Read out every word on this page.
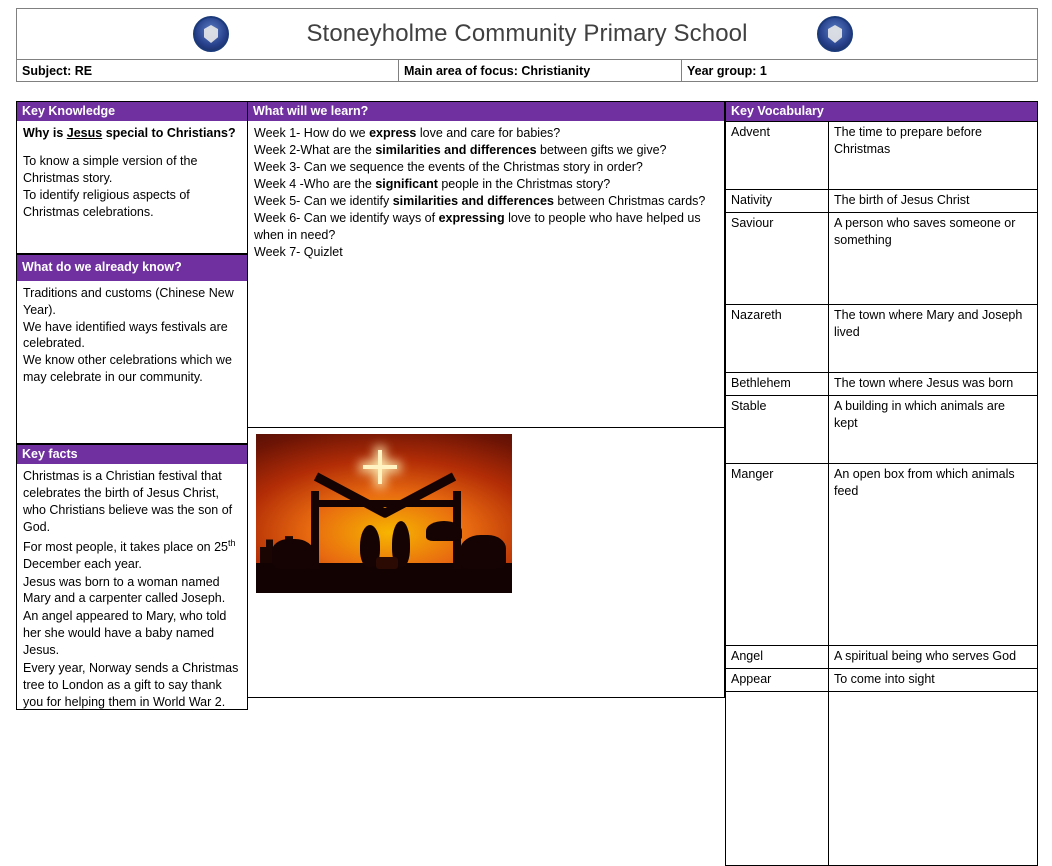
Stoneyholme Community Primary School
Subject: RE	Main area of focus: Christianity	Year group: 1
Key Knowledge

Why is Jesus special to Christians?

To know a simple version of the Christmas story.

To identify religious aspects of Christmas celebrations.

What do we already know?

Traditions and customs (Chinese New Year).

We have identified ways festivals are celebrated.

We know other celebrations which we may celebrate in our community.

Key facts

Christmas is a Christian festival that celebrates the birth of Jesus Christ, who Christians believe was the son of God.

For most people, it takes place on 25th December each year.

Jesus was born to a woman named Mary and a carpenter called Joseph.

An angel appeared to Mary, who told her she would have a baby named Jesus.

Every year, Norway sends a Christmas tree to London as a gift to say thank you for helping them in World War 2.

What will we learn?

Week 1- How do we express love and care for babies?

Week 2-What are the similarities and differences between gifts we give?

Week 3- Can we sequence the events of the Christmas story in order?

Week 4 -Who are the significant people in the Christmas story?

Week 5- Can we identify similarities and differences between Christmas cards?

Week 6- Can we identify ways of expressing love to people who have helped us when in need?

Week 7- Quizlet

Key Vocabulary
Advent	The time to prepare before Christmas
Nativity	The birth of Jesus Christ
Saviour	A person who saves someone or something
Nazareth	The town where Mary and Joseph lived
Bethlehem	The town where Jesus was born
Stable	A building in which animals are kept
Manger	An open box from which animals feed
Angel	A spiritual being who serves God
Appear	To come into sight
